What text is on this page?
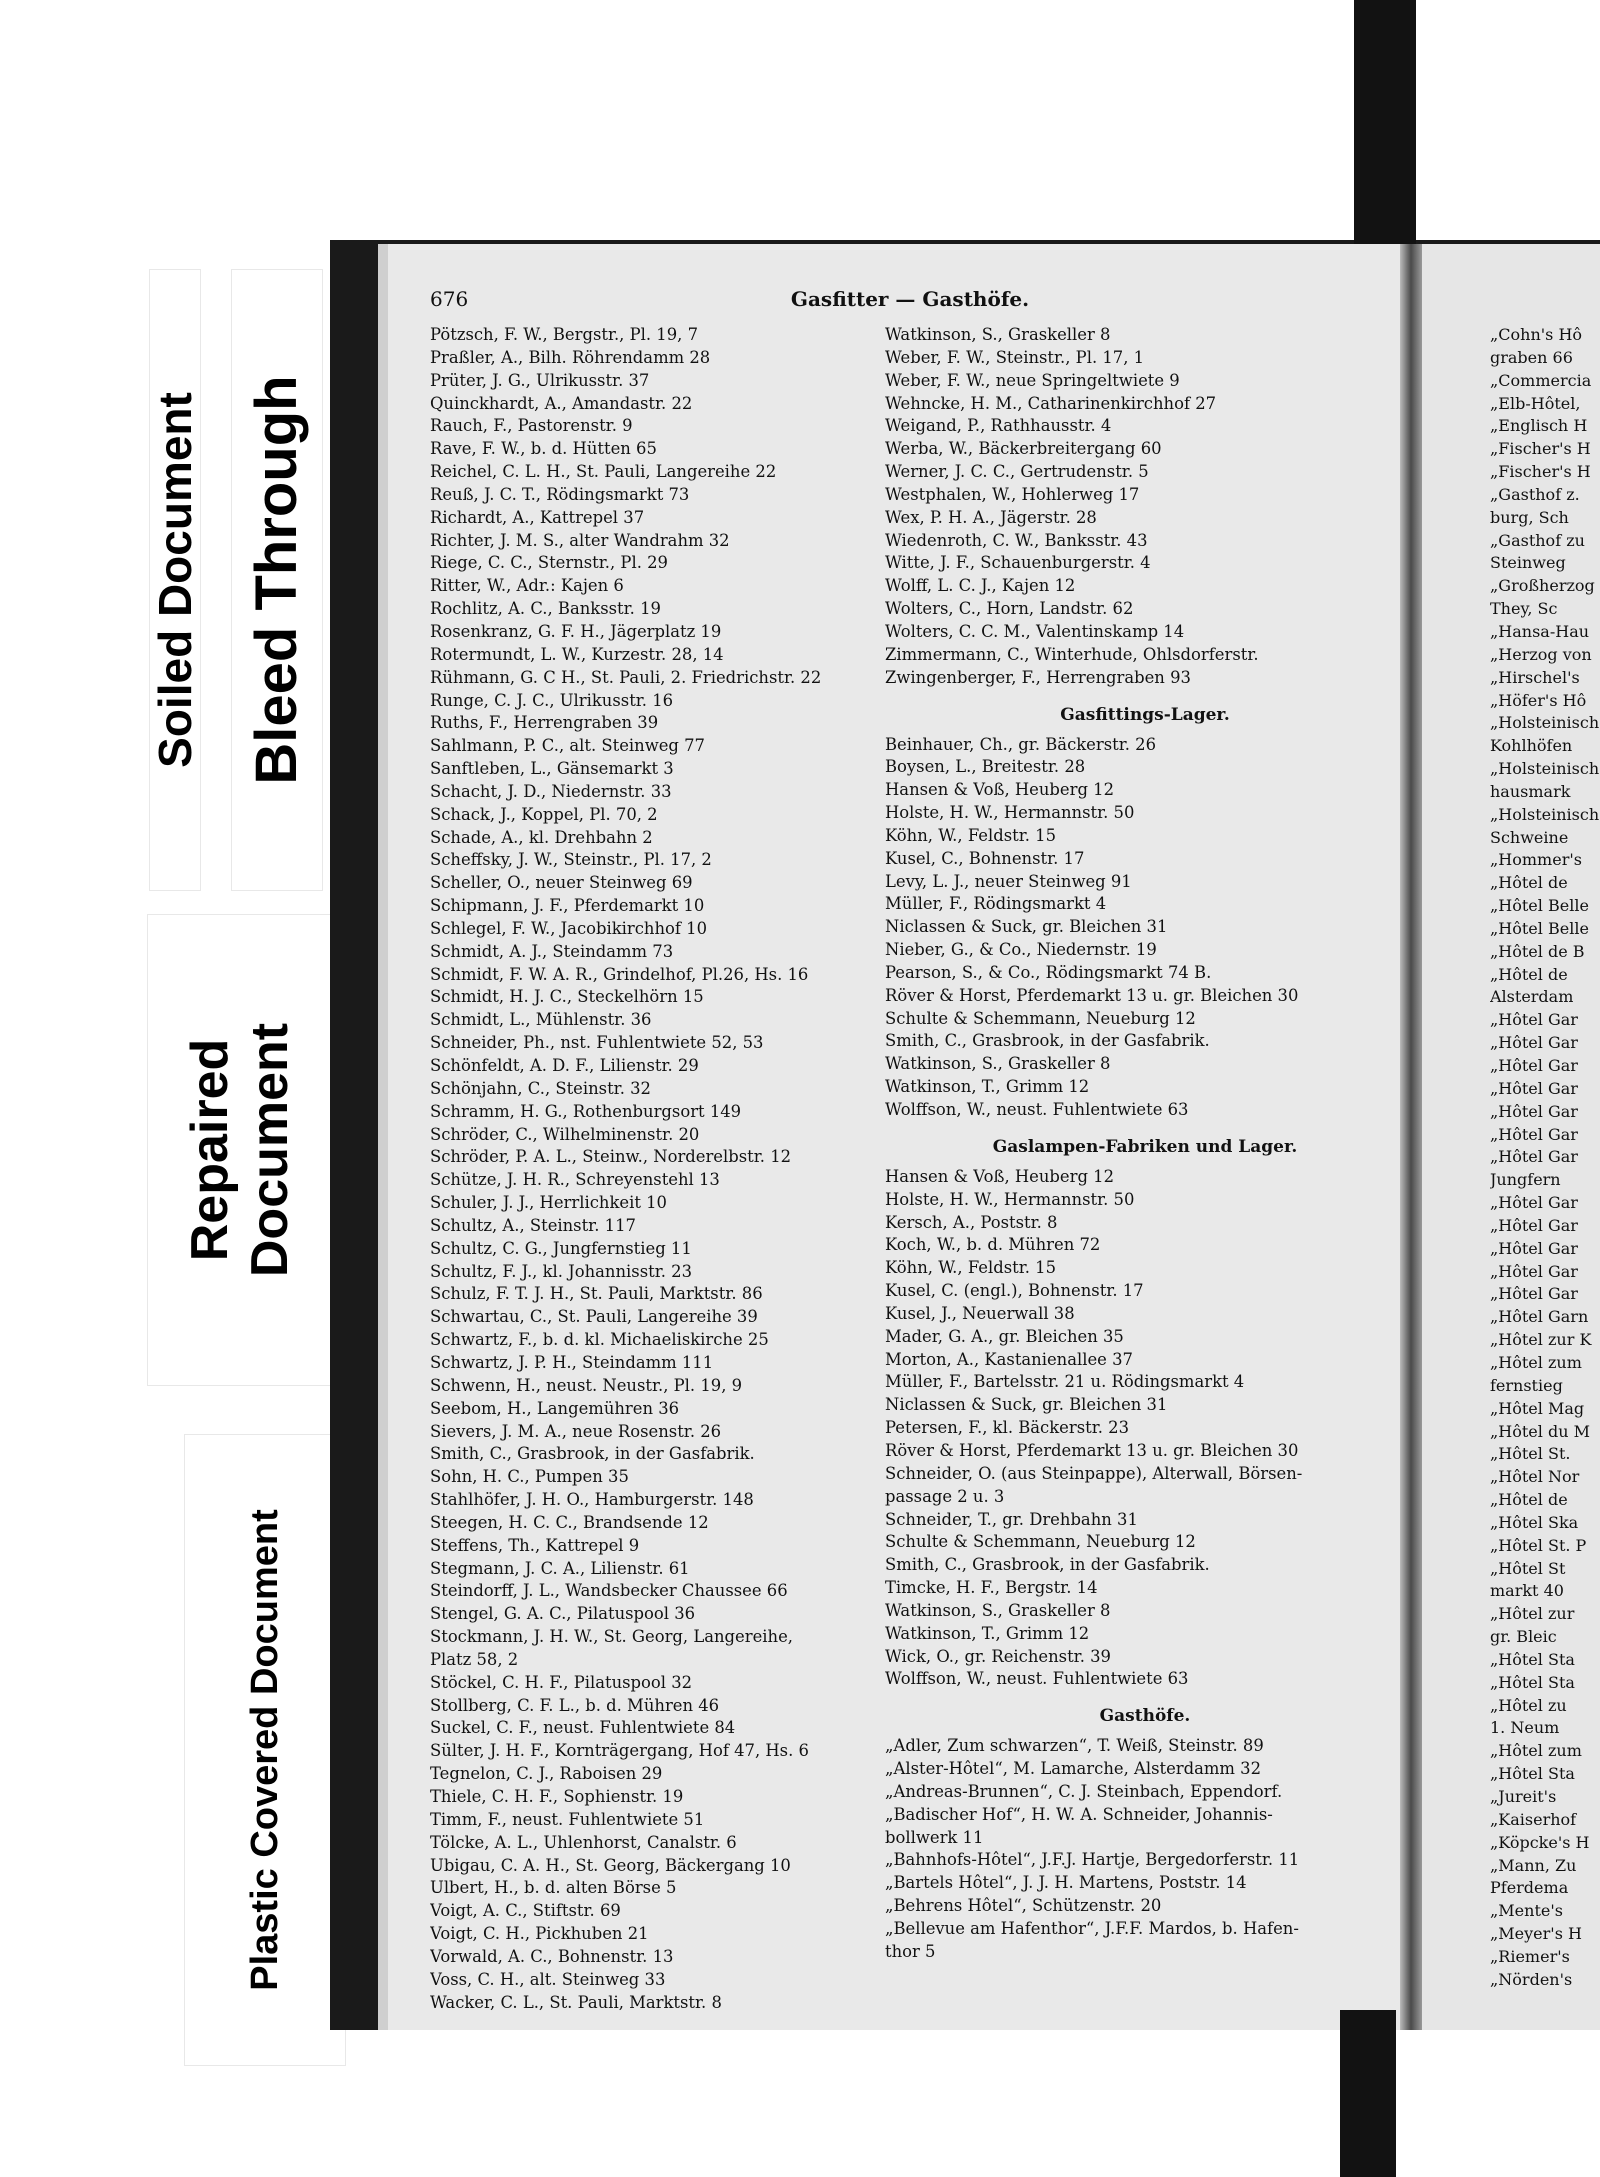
Soiled Document Bleed Through
Repaired Document
Plastic Covered Document
676	Gasfitter — Gasthöfe.
Pötzsch, F. W., Bergstr., Pl. 19, 7
Praßler, A., Bilh. Röhrendamm 28
Prüter, J. G., Ulrikusstr. 37
Quinckhardt, A., Amandastr. 22
Rauch, F., Pastorenstr. 9
Rave, F. W., b. d. Hütten 65
Reichel, C. L. H., St. Pauli, Langereihe 22
Reuß, J. C. T., Rödingsmarkt 73
Richardt, A., Kattrepel 37
Richter, J. M. S., alter Wandrahm 32
Riege, C. C., Sternstr., Pl. 29
Ritter, W., Adr.: Kajen 6
Rochlitz, A. C., Banksstr. 19
Rosenkranz, G. F. H., Jägerplatz 19
Rotermundt, L. W., Kurzestr. 28, 14
Rühmann, G. C H., St. Pauli, 2. Friedrichstr. 22
Runge, C. J. C., Ulrikusstr. 16
Ruths, F., Herrengraben 39
Sahlmann, P. C., alt. Steinweg 77
Sanftleben, L., Gänsemarkt 3
Schacht, J. D., Niedernstr. 33
Schack, J., Koppel, Pl. 70, 2
Schade, A., kl. Drehbahn 2
Scheffsky, J. W., Steinstr., Pl. 17, 2
Scheller, O., neuer Steinweg 69
Schipmann, J. F., Pferdemarkt 10
Schlegel, F. W., Jacobikirchhof 10
Schmidt, A. J., Steindamm 73
Schmidt, F. W. A. R., Grindelhof, Pl.26, Hs. 16
Schmidt, H. J. C., Steckelhörn 15
Schmidt, L., Mühlenstr. 36
Schneider, Ph., nst. Fuhlentwiete 52, 53
Schönfeldt, A. D. F., Lilienstr. 29
Schönjahn, C., Steinstr. 32
Schramm, H. G., Rothenburgsort 149
Schröder, C., Wilhelminenstr. 20
Schröder, P. A. L., Steinw., Norderelbstr. 12
Schütze, J. H. R., Schreyenstehl 13
Schuler, J. J., Herrlichkeit 10
Schultz, A., Steinstr. 117
Schultz, C. G., Jungfernstieg 11
Schultz, F. J., kl. Johannisstr. 23
Schulz, F. T. J. H., St. Pauli, Marktstr. 86
Schwartau, C., St. Pauli, Langereihe 39
Schwartz, F., b. d. kl. Michaeliskirche 25
Schwartz, J. P. H., Steindamm 111
Schwenn, H., neust. Neustr., Pl. 19, 9
Seebom, H., Langemühren 36
Sievers, J. M. A., neue Rosenstr. 26
Smith, C., Grasbrook, in der Gasfabrik.
Sohn, H. C., Pumpen 35
Stahlhöfer, J. H. O., Hamburgerstr. 148
Steegen, H. C. C., Brandsende 12
Steffens, Th., Kattrepel 9
Stegmann, J. C. A., Lilienstr. 61
Steindorff, J. L., Wandsbecker Chaussee 66
Stengel, G. A. C., Pilatuspool 36
Stockmann, J. H. W., St. Georg, Langereihe,
Platz 58, 2
Stöckel, C. H. F., Pilatuspool 32
Stollberg, C. F. L., b. d. Mühren 46
Suckel, C. F., neust. Fuhlentwiete 84
Sülter, J. H. F., Kornträgergang, Hof 47, Hs. 6
Tegnelon, C. J., Raboisen 29
Thiele, C. H. F., Sophienstr. 19
Timm, F., neust. Fuhlentwiete 51
Tölcke, A. L., Uhlenhorst, Canalstr. 6
Ubigau, C. A. H., St. Georg, Bäckergang 10
Ulbert, H., b. d. alten Börse 5
Voigt, A. C., Stiftstr. 69
Voigt, C. H., Pickhuben 21
Vorwald, A. C., Bohnenstr. 13
Voss, C. H., alt. Steinweg 33
Wacker, C. L., St. Pauli, Marktstr. 8
Watkinson, S., Graskeller 8
Weber, F. W., Steinstr., Pl. 17, 1
Weber, F. W., neue Springeltwiete 9
Wehncke, H. M., Catharinenkirchhof 27
Weigand, P., Rathhausstr. 4
Werba, W., Bäckerbreitergang 60
Werner, J. C. C., Gertrudenstr. 5
Westphalen, W., Hohlerweg 17
Wex, P. H. A., Jägerstr. 28
Wiedenroth, C. W., Banksstr. 43
Witte, J. F., Schauenburgerstr. 4
Wolff, L. C. J., Kajen 12
Wolters, C., Horn, Landstr. 62
Wolters, C. C. M., Valentinskamp 14
Zimmermann, C., Winterhude, Ohlsdorferstr.
Zwingenberger, F., Herrengraben 93
Gasfittings-Lager.
Beinhauer, Ch., gr. Bäckerstr. 26
Boysen, L., Breitestr. 28
Hansen & Voß, Heuberg 12
Holste, H. W., Hermannstr. 50
Köhn, W., Feldstr. 15
Kusel, C., Bohnenstr. 17
Levy, L. J., neuer Steinweg 91
Müller, F., Rödingsmarkt 4
Niclassen & Suck, gr. Bleichen 31
Nieber, G., & Co., Niedernstr. 19
Pearson, S., & Co., Rödingsmarkt 74 B.
Röver & Horst, Pferdemarkt 13 u. gr. Bleichen 30
Schulte & Schemmann, Neueburg 12
Smith, C., Grasbrook, in der Gasfabrik.
Watkinson, S., Graskeller 8
Watkinson, T., Grimm 12
Wolffson, W., neust. Fuhlentwiete 63
Gaslampen-Fabriken und Lager.
Hansen & Voß, Heuberg 12
Holste, H. W., Hermannstr. 50
Kersch, A., Poststr. 8
Koch, W., b. d. Mühren 72
Köhn, W., Feldstr. 15
Kusel, C. (engl.), Bohnenstr. 17
Kusel, J., Neuerwall 38
Mader, G. A., gr. Bleichen 35
Morton, A., Kastanienallee 37
Müller, F., Bartelsstr. 21 u. Rödingsmarkt 4
Niclassen & Suck, gr. Bleichen 31
Petersen, F., kl. Bäckerstr. 23
Röver & Horst, Pferdemarkt 13 u. gr. Bleichen 30
Schneider, O. (aus Steinpappe), Alterwall, Börsen-
passage 2 u. 3
Schneider, T., gr. Drehbahn 31
Schulte & Schemmann, Neueburg 12
Smith, C., Grasbrook, in der Gasfabrik.
Timcke, H. F., Bergstr. 14
Watkinson, S., Graskeller 8
Watkinson, T., Grimm 12
Wick, O., gr. Reichenstr. 39
Wolffson, W., neust. Fuhlentwiete 63
Gasthöfe.
„Adler, Zum schwarzen“, T. Weiß, Steinstr. 89
„Alster-Hôtel“, M. Lamarche, Alsterdamm 32
„Andreas-Brunnen“, C. J. Steinbach, Eppendorf.
„Badischer Hof“, H. W. A. Schneider, Johannis-
bollwerk 11
„Bahnhofs-Hôtel“, J.F.J. Hartje, Bergedorferstr. 11
„Bartels Hôtel“, J. J. H. Martens, Poststr. 14
„Behrens Hôtel“, Schützenstr. 20
„Bellevue am Hafenthor“, J.F.F. Mardos, b. Hafen-
thor 5
„Cohn's Hô
graben 66
„Commercia
„Elb-Hôtel,
„Englisch H
„Fischer's H
„Fischer's H
„Gasthof z.
burg, Sch
„Gasthof zu
Steinweg
„Großherzog
They, Sc
„Hansa-Hau
„Herzog von
„Hirschel's
„Höfer's Hô
„Holsteinisch
Kohlhöfen
„Holsteinisch
hausmark
„Holsteinisch
Schweine
„Hommer's
„Hôtel de
„Hôtel Belle
„Hôtel Belle
„Hôtel de B
„Hôtel de
Alsterdam
„Hôtel Gar
„Hôtel Gar
„Hôtel Gar
„Hôtel Gar
„Hôtel Gar
„Hôtel Gar
„Hôtel Gar
Jungfern
„Hôtel Gar
„Hôtel Gar
„Hôtel Gar
„Hôtel Gar
„Hôtel Gar
„Hôtel Garn
„Hôtel zur K
„Hôtel zum
fernstieg
„Hôtel Mag
„Hôtel du M
„Hôtel St.
„Hôtel Nor
„Hôtel de
„Hôtel Ska
„Hôtel St. P
„Hôtel St
markt 40
„Hôtel zur
gr. Bleic
„Hôtel Sta
„Hôtel Sta
„Hôtel zu
1. Neum
„Hôtel zum
„Hôtel Sta
„Jureit's
„Kaiserhof
„Köpcke's H
„Mann, Zu
Pferdema
„Mente's
„Meyer's H
„Riemer's
„Nörden's
